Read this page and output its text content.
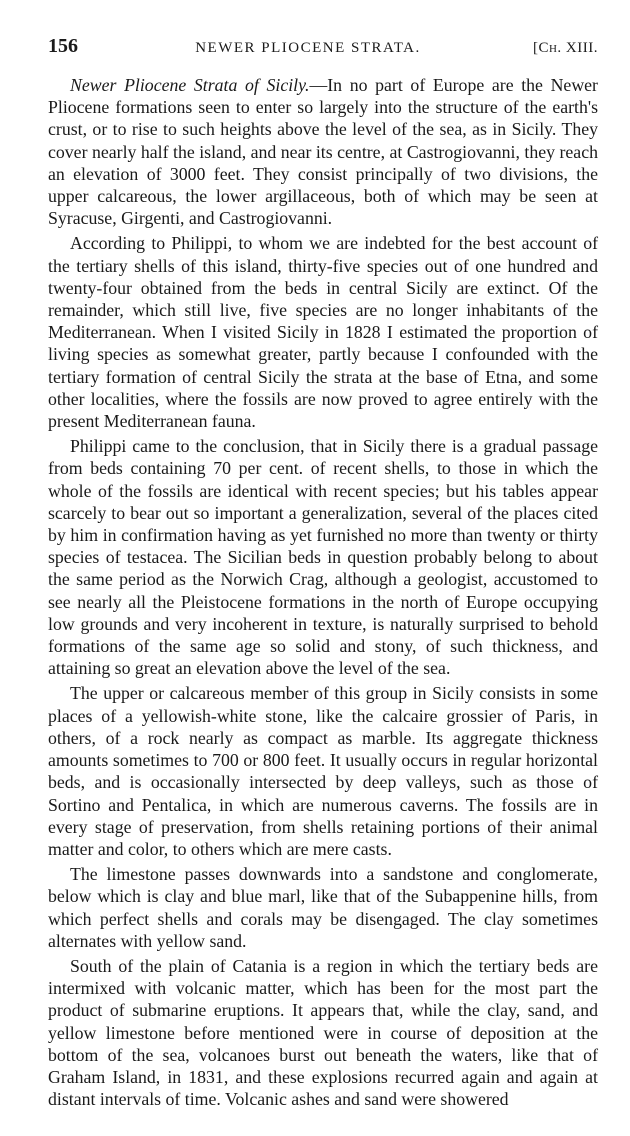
156	NEWER PLIOCENE STRATA.	[Ch. XIII.

Newer Pliocene Strata of Sicily.—In no part of Europe are the Newer Pliocene formations seen to enter so largely into the structure of the earth's crust, or to rise to such heights above the level of the sea, as in Sicily. They cover nearly half the island, and near its centre, at Castrogiovanni, they reach an elevation of 3000 feet. They consist principally of two divisions, the upper calcareous, the lower argillaceous, both of which may be seen at Syracuse, Girgenti, and Castrogiovanni.

According to Philippi, to whom we are indebted for the best account of the tertiary shells of this island, thirty-five species out of one hundred and twenty-four obtained from the beds in central Sicily are extinct. Of the remainder, which still live, five species are no longer inhabitants of the Mediterranean. When I visited Sicily in 1828 I estimated the proportion of living species as somewhat greater, partly because I confounded with the tertiary formation of central Sicily the strata at the base of Etna, and some other localities, where the fossils are now proved to agree entirely with the present Mediterranean fauna.

Philippi came to the conclusion, that in Sicily there is a gradual passage from beds containing 70 per cent. of recent shells, to those in which the whole of the fossils are identical with recent species; but his tables appear scarcely to bear out so important a generalization, several of the places cited by him in confirmation having as yet furnished no more than twenty or thirty species of testacea. The Sicilian beds in question probably belong to about the same period as the Norwich Crag, although a geologist, accustomed to see nearly all the Pleistocene formations in the north of Europe occupying low grounds and very incoherent in texture, is naturally surprised to behold formations of the same age so solid and stony, of such thickness, and attaining so great an elevation above the level of the sea.

The upper or calcareous member of this group in Sicily consists in some places of a yellowish-white stone, like the calcaire grossier of Paris, in others, of a rock nearly as compact as marble. Its aggregate thickness amounts sometimes to 700 or 800 feet. It usually occurs in regular horizontal beds, and is occasionally intersected by deep valleys, such as those of Sortino and Pentalica, in which are numerous caverns. The fossils are in every stage of preservation, from shells retaining portions of their animal matter and color, to others which are mere casts.

The limestone passes downwards into a sandstone and conglomerate, below which is clay and blue marl, like that of the Subappenine hills, from which perfect shells and corals may be disengaged. The clay sometimes alternates with yellow sand.

South of the plain of Catania is a region in which the tertiary beds are intermixed with volcanic matter, which has been for the most part the product of submarine eruptions. It appears that, while the clay, sand, and yellow limestone before mentioned were in course of deposition at the bottom of the sea, volcanoes burst out beneath the waters, like that of Graham Island, in 1831, and these explosions recurred again and again at distant intervals of time. Volcanic ashes and sand were showered
